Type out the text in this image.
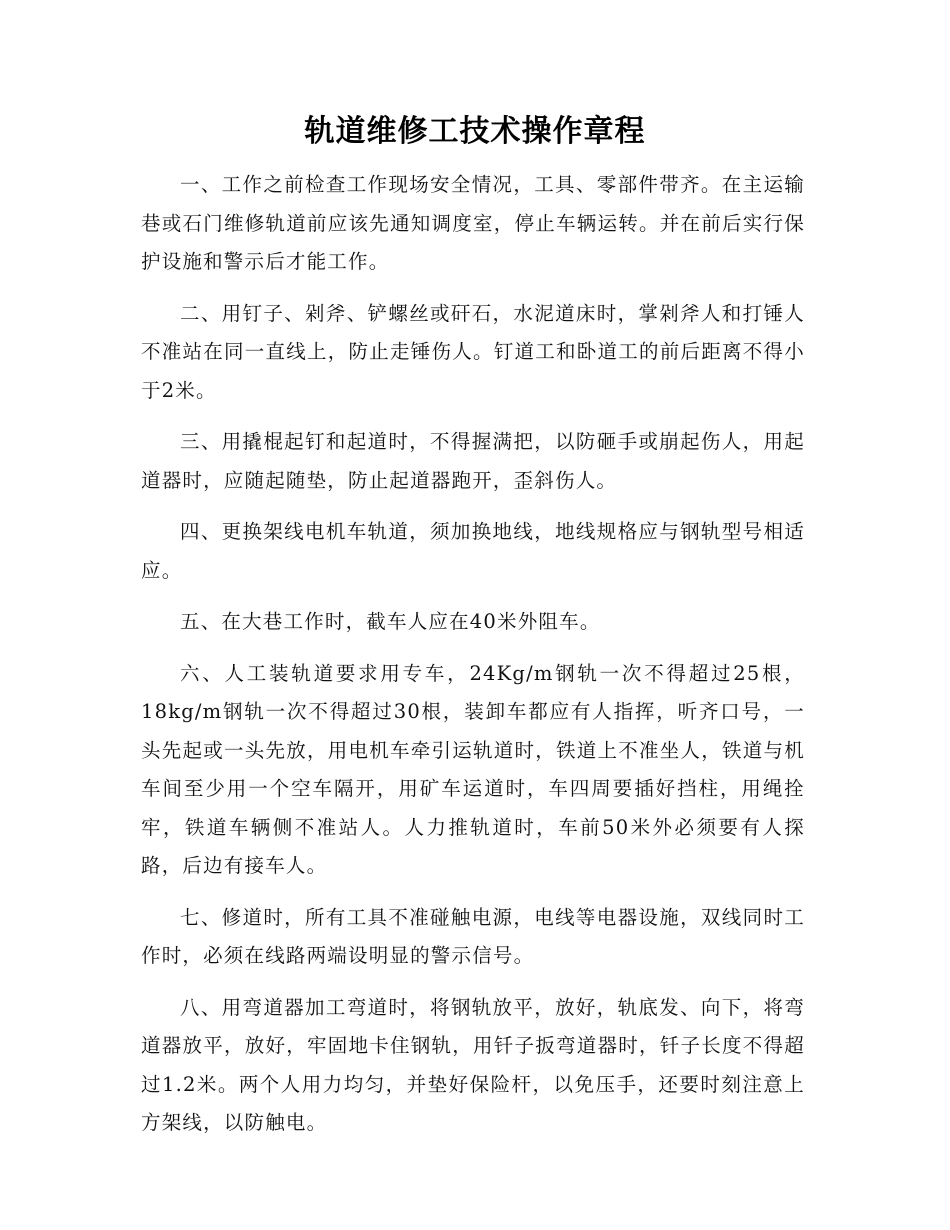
轨道维修工技术操作章程

一、工作之前检查工作现场安全情况，工具、零部件带齐。在主运输巷或石门维修轨道前应该先通知调度室，停止车辆运转。并在前后实行保护设施和警示后才能工作。

二、用钉子、剁斧、铲螺丝或矸石，水泥道床时，掌剁斧人和打锤人不准站在同一直线上，防止走锤伤人。钉道工和卧道工的前后距离不得小于2米。

三、用撬棍起钉和起道时，不得握满把，以防砸手或崩起伤人，用起道器时，应随起随垫，防止起道器跑开，歪斜伤人。

四、更换架线电机车轨道，须加换地线，地线规格应与钢轨型号相适应。

五、在大巷工作时，截车人应在40米外阻车。

六、人工装轨道要求用专车，24Kg/m钢轨一次不得超过25根，18kg/m钢轨一次不得超过30根，装卸车都应有人指挥，听齐口号，一头先起或一头先放，用电机车牵引运轨道时，铁道上不准坐人，铁道与机车间至少用一个空车隔开，用矿车运道时，车四周要插好挡柱，用绳拴牢，铁道车辆侧不准站人。人力推轨道时，车前50米外必须要有人探路，后边有接车人。

七、修道时，所有工具不准碰触电源，电线等电器设施，双线同时工作时，必须在线路两端设明显的警示信号。

八、用弯道器加工弯道时，将钢轨放平，放好，轨底发、向下，将弯道器放平，放好，牢固地卡住钢轨，用钎子扳弯道器时，钎子长度不得超过1.2米。两个人用力均匀，并垫好保险杆，以免压手，还要时刻注意上方架线，以防触电。
